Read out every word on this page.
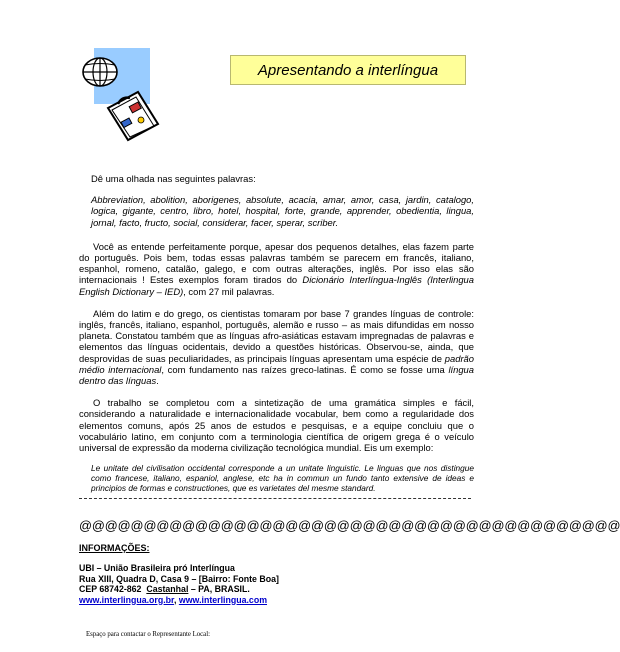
Apresentando a interlíngua

Dê uma olhada nas seguintes palavras:

Abbreviation, abolition, aborigenes, absolute, acacia, amar, amor, casa, jardin, catalogo, logica, gigante, centro, libro, hotel, hospital, forte, grande, apprender, obedientia, lingua, jornal, facto, fructo, social, considerar, facer, sperar, scriber.

Você as entende perfeitamente porque, apesar dos pequenos detalhes, elas fazem parte do português. Pois bem, todas essas palavras também se parecem em francês, italiano, espanhol, romeno, catalão, galego, e com outras alterações, inglês. Por isso elas são internacionais ! Estes exemplos foram tirados do Dicionário Interlíngua-Inglês (Interlingua English Dictionary – IED), com 27 mil palavras.

Além do latim e do grego, os cientistas tomaram por base 7 grandes línguas de controle: inglês, francês, italiano, espanhol, português, alemão e russo – as mais difundidas em nosso planeta. Constatou também que as línguas afro-asiáticas estavam impregnadas de palavras e elementos das línguas ocidentais, devido a questões históricas. Observou-se, ainda, que desprovidas de suas peculiaridades, as principais línguas apresentam uma espécie de padrão médio internacional, com fundamento nas raízes greco-latinas. É como se fosse uma língua dentro das línguas.

O trabalho se completou com a sintetização de uma gramática simples e fácil, considerando a naturalidade e internacionalidade vocabular, bem como a regularidade dos elementos comuns, após 25 anos de estudos e pesquisas, e a equipe concluiu que o vocabulário latino, em conjunto com a terminologia científica de origem grega é o veículo universal de expressão da moderna civilização tecnológica mundial. Eis um exemplo:

Le unitate del civilisation occidental corresponde a un unitate linguistic. Le linguas que nos distingue como francese, italiano, espaniol, anglese, etc ha in commun un fundo tanto extensive de ideas e principios de formas e constructiones, que es varietates del mesme standard.

@@@@@@@@@@@@@@@@@@@@@@@@@@@@@@@@@@@@@@@@@@
INFORMAÇÕES:
UBI – União Brasileira pró Interlíngua
Rua XIII, Quadra D, Casa 9 – [Bairro: Fonte Boa]
CEP 68742-862 Castanhal – PA, BRASIL.
www.interlingua.org.br, www.interlingua.com
Espaço para contactar o Representante Local:
